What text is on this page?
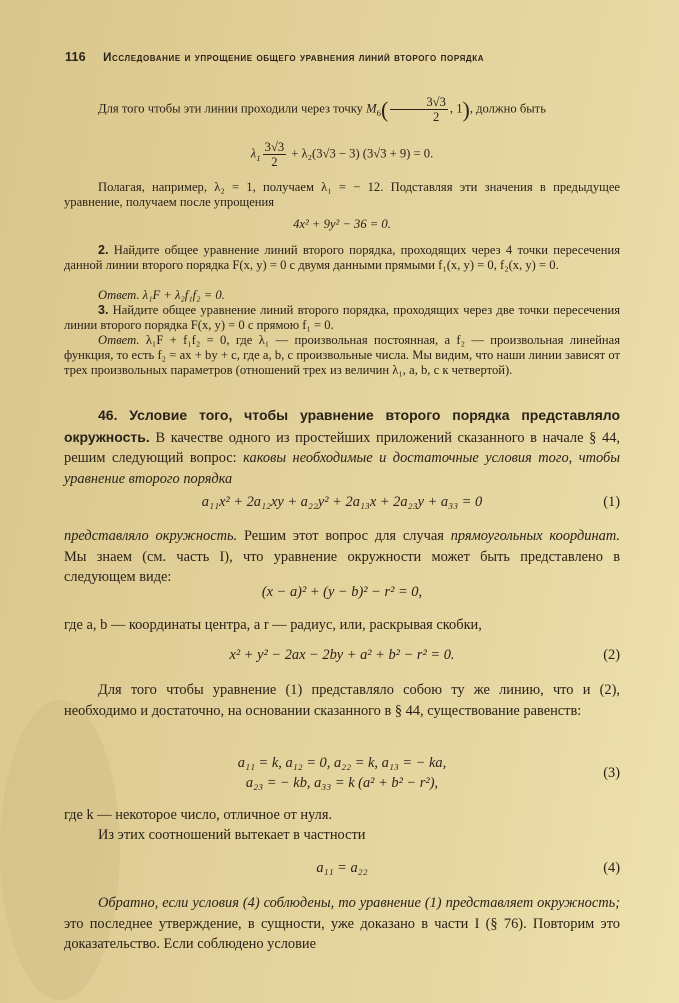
116 Исследование и упрощение общего уравнения линий второго порядка
Для того чтобы эти линии проходили через точку $M_6( \frac{3√3}{2}$ , 1), должно быть
$\lambda_1 \frac{3√3}{2} + \lambda_2(3√3 - 3) (3√3 + 9) = 0$.
Полагая, например, λ₂ = 1, получаем λ₁ = − 12. Подставляя эти значения в предыдущее уравнение, получаем после упрощения
4x² + 9y² − 36 = 0.
2. Найдите общее уравнение линий второго порядка, проходящих через 4 точки пересечения данной линии второго порядка F(x, y) = 0 с двумя данными прямыми f₁(x, y) = 0, f₂(x, y) = 0.
Ответ. λ₁F + λ₂f₁f₂ = 0.
3. Найдите общее уравнение линий второго порядка, проходящих через две точки пересечения линии второго порядка F(x, y) = 0 с прямою f₁ = 0.
Ответ. λ₁F + f₁f₂ = 0, где λ₁ — произвольная постоянная, а f₂ — произвольная линейная функция, то есть f₂ = ax + by + c, где a, b, c произвольные числа. Мы видим, что наши линии зависят от трех произвольных параметров (отношений трех из величин λ₁, a, b, c к четвертой).
46. Условие того, чтобы уравнение второго порядка представляло окружность. В качестве одного из простейших приложений сказанного в начале § 44, решим следующий вопрос: каковы необходимые и достаточные условия того, чтобы уравнение второго порядка
a₁₁x² + 2a₁₂xy + a₂₂y² + 2a₁₃x + 2a₂₃y + a₃₃ = 0	(1)
представляло окружность. Решим этот вопрос для случая прямоугольных координат. Мы знаем (см. часть I), что уравнение окружности может быть представлено в следующем виде:
(x − a)² + (y − b)² − r² = 0,
где a, b — координаты центра, а r — радиус, или, раскрывая скобки,
x² + y² − 2ax − 2by + a² + b² − r² = 0.	(2)
Для того чтобы уравнение (1) представляло собою ту же линию, что и (2), необходимо и достаточно, на основании сказанного в § 44, существование равенств:
a₁₁ = k, a₁₂ = 0, a₂₂ = k, a₁₃ = − ka,
a₂₃ = − kb, a₃₃ = k (a² + b² − r²),
(3)
где k — некоторое число, отличное от нуля.
Из этих соотношений вытекает в частности
a₁₁ = a₂₂	(4)
Обратно, если условия (4) соблюдены, то уравнение (1) представляет окружность; это последнее утверждение, в сущности, уже доказано в части I (§ 76). Повторим это доказательство. Если соблюдено условие
